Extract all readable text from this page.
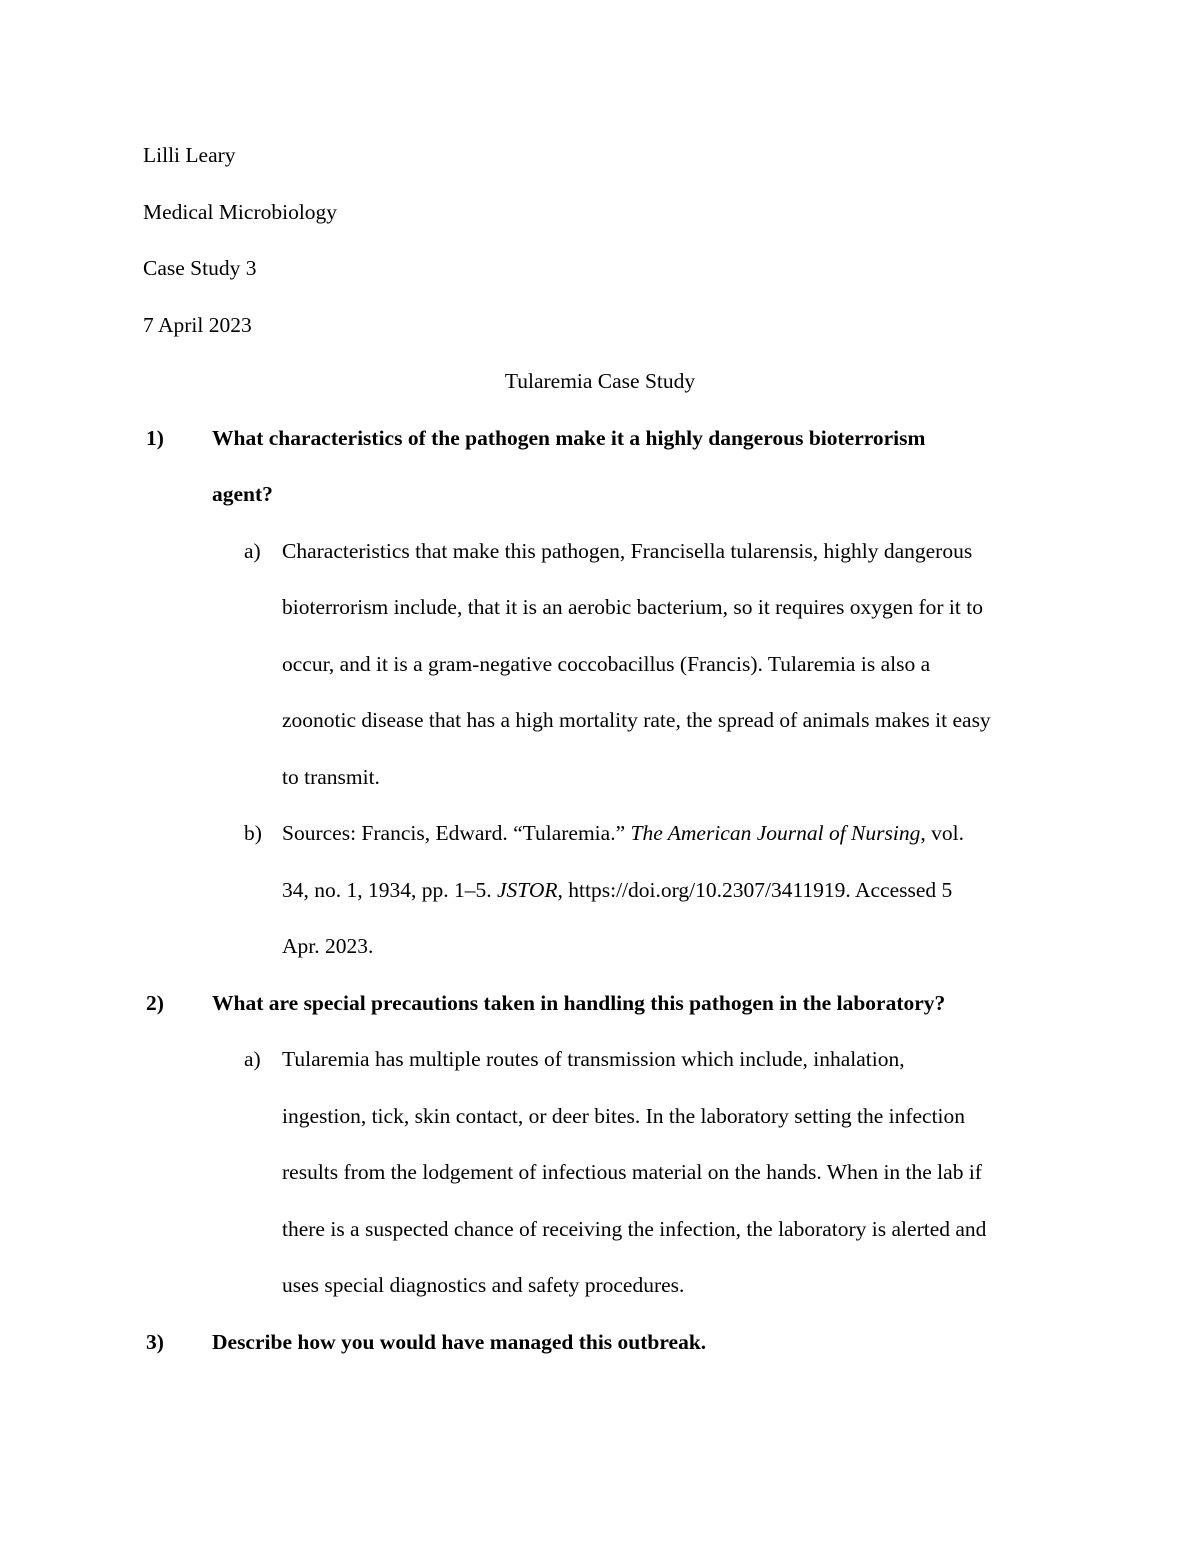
Lilli Leary
Medical Microbiology
Case Study 3
7 April 2023
Tularemia Case Study
1) What characteristics of the pathogen make it a highly dangerous bioterrorism
agent?
a) Characteristics that make this pathogen, Francisella tularensis, highly dangerous
bioterrorism include, that it is an aerobic bacterium, so it requires oxygen for it to
occur, and it is a gram-negative coccobacillus (Francis). Tularemia is also a
zoonotic disease that has a high mortality rate, the spread of animals makes it easy
to transmit.
b) Sources: Francis, Edward. “Tularemia.” The American Journal of Nursing, vol.
34, no. 1, 1934, pp. 1–5. JSTOR, https://doi.org/10.2307/3411919. Accessed 5
Apr. 2023.
2) What are special precautions taken in handling this pathogen in the laboratory?
a) Tularemia has multiple routes of transmission which include, inhalation,
ingestion, tick, skin contact, or deer bites. In the laboratory setting the infection
results from the lodgement of infectious material on the hands. When in the lab if
there is a suspected chance of receiving the infection, the laboratory is alerted and
uses special diagnostics and safety procedures.
3) Describe how you would have managed this outbreak.
